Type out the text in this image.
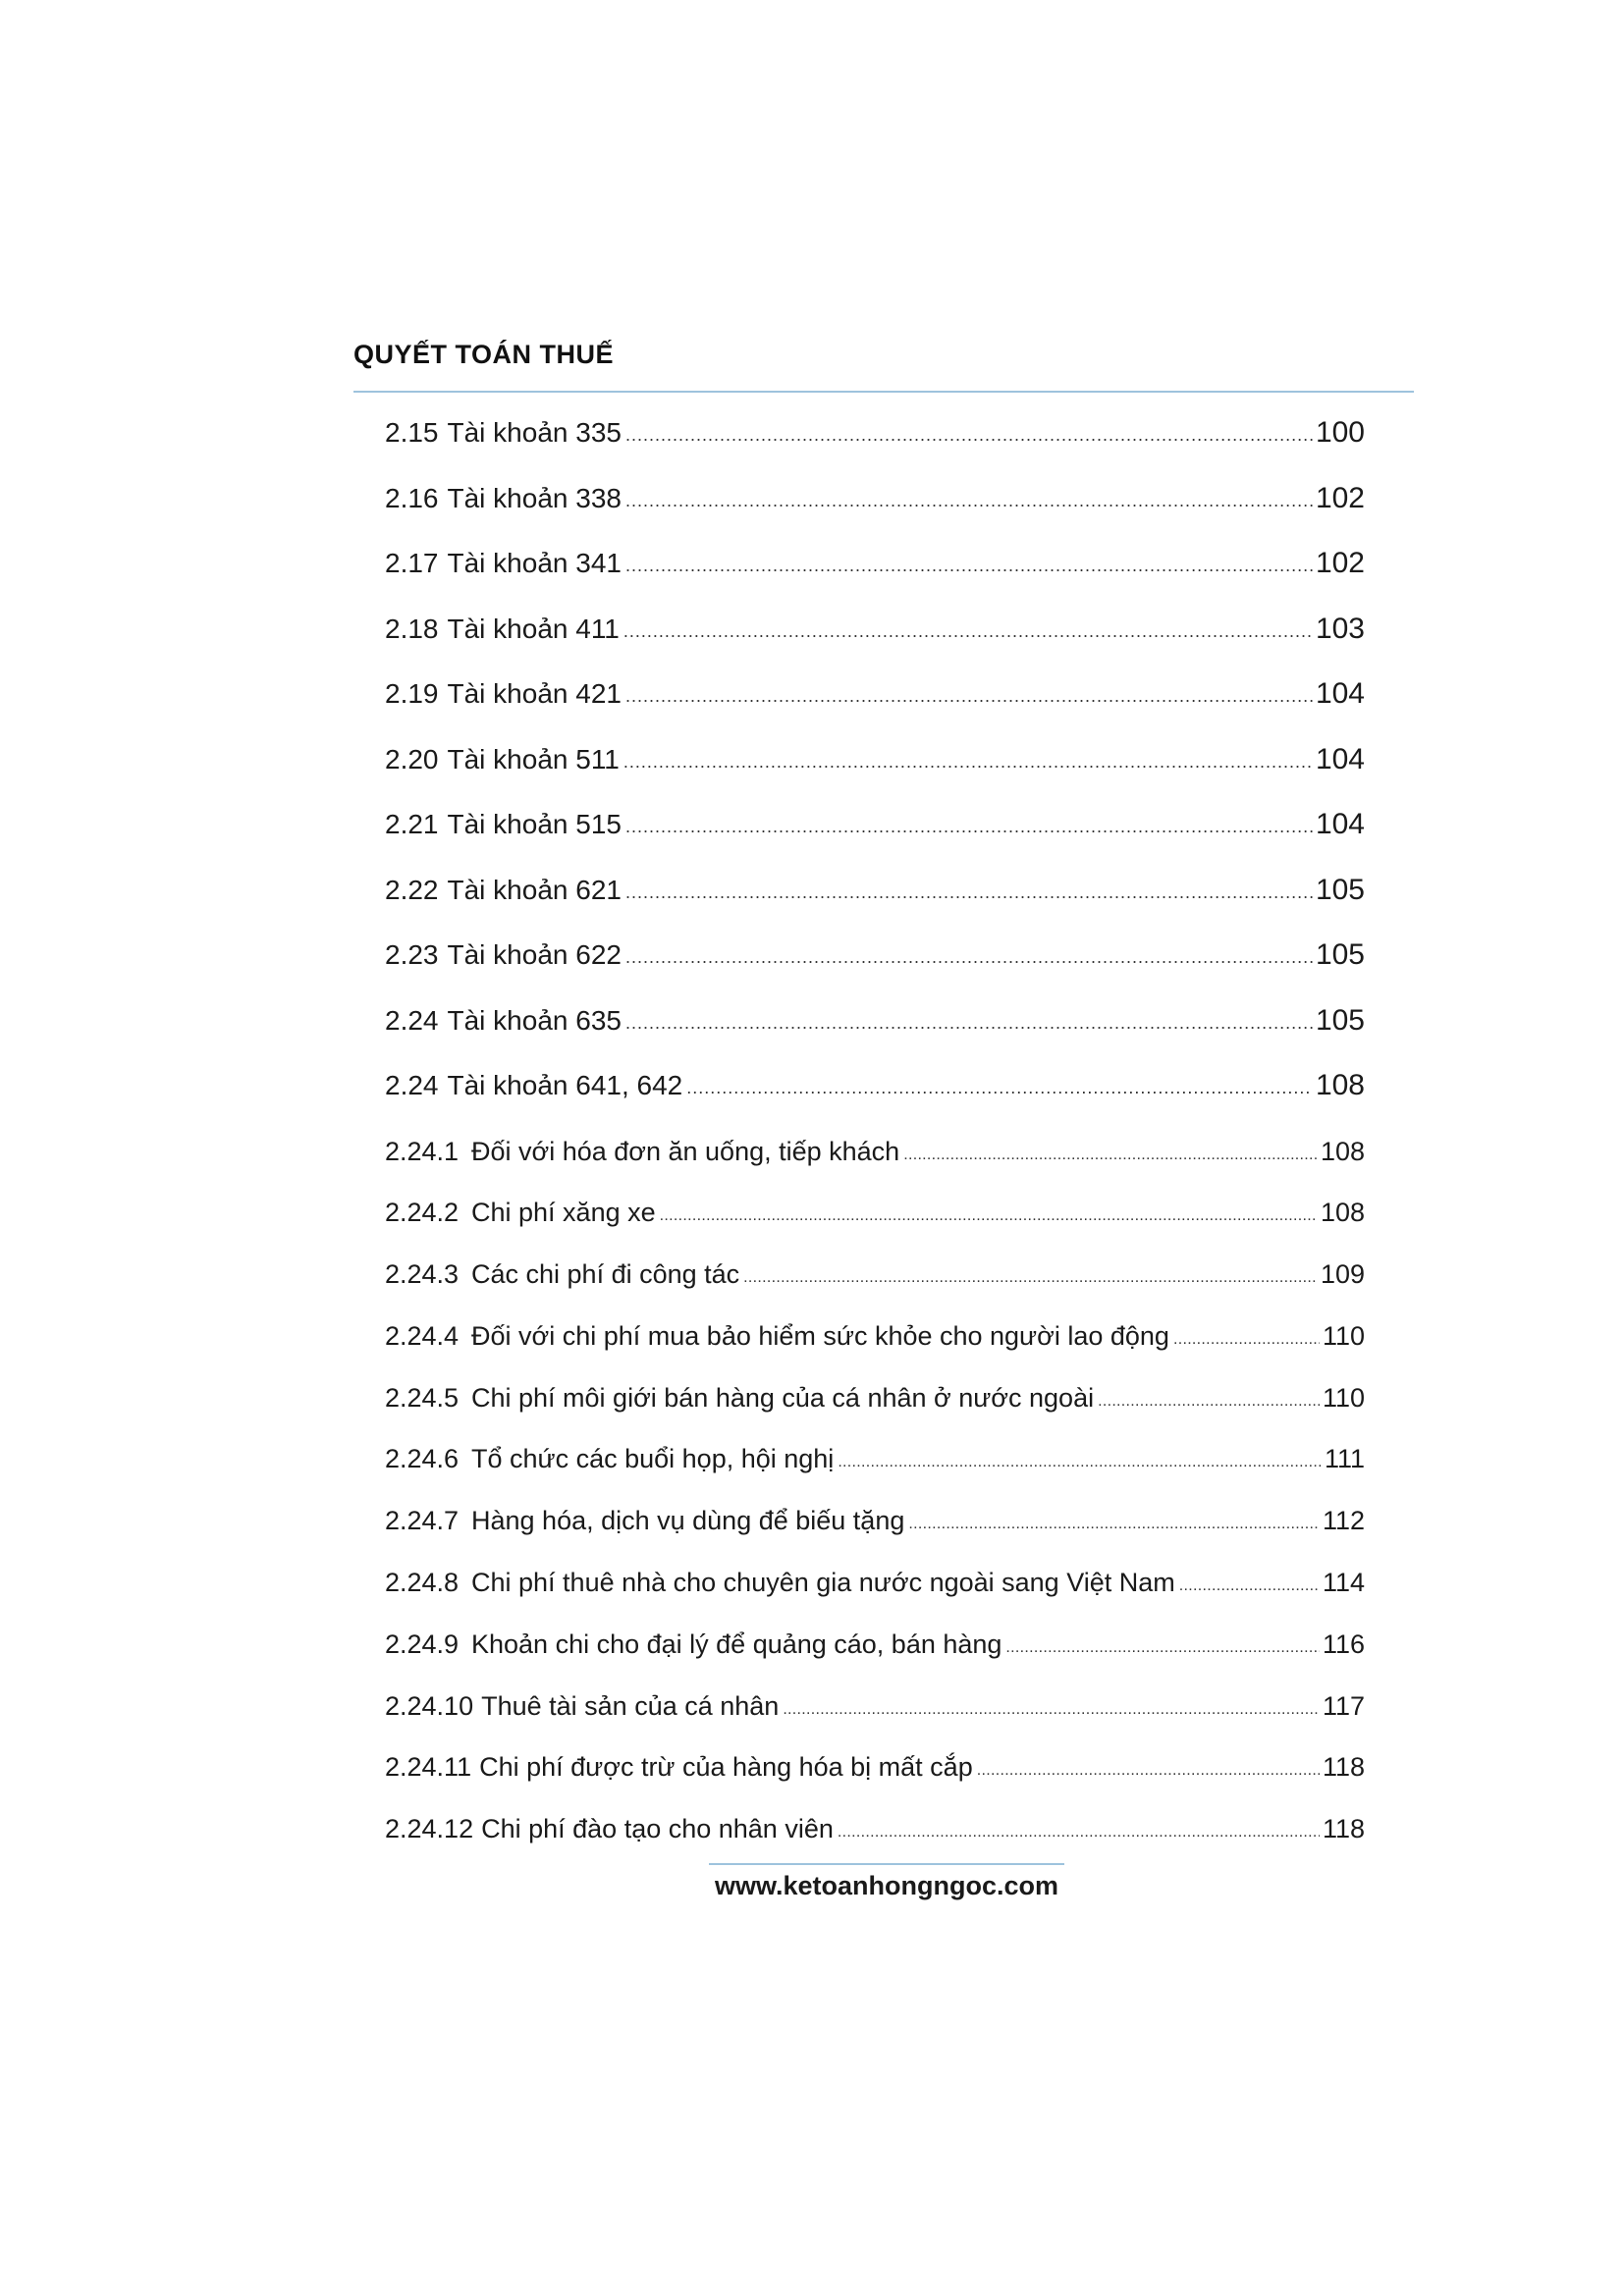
QUYẾT TOÁN THUẾ
2.15 Tài khoản 335 .....	100
2.16 Tài khoản 338 .....	102
2.17 Tài khoản 341 .....	102
2.18 Tài khoản 411 .....	103
2.19 Tài khoản 421 .....	104
2.20 Tài khoản 511 .....	104
2.21 Tài khoản 515 .....	104
2.22 Tài khoản 621 .....	105
2.23 Tài khoản 622 .....	105
2.24 Tài khoản 635 .....	105
2.24 Tài khoản 641, 642 .....	108
2.24.1 Đối với hóa đơn ăn uống, tiếp khách .....	108
2.24.2 Chi phí xăng xe .....	108
2.24.3 Các chi phí đi công tác .....	109
2.24.4 Đối với chi phí mua bảo hiểm sức khỏe cho người lao động .....	110
2.24.5 Chi phí môi giới bán hàng của cá nhân ở nước ngoài .....	110
2.24.6 Tổ chức các buổi họp, hội nghị .....	111
2.24.7 Hàng hóa, dịch vụ dùng để biếu tặng .....	112
2.24.8 Chi phí thuê nhà cho chuyên gia nước ngoài sang Việt Nam .....	114
2.24.9 Khoản chi cho đại lý để quảng cáo, bán hàng .....	116
2.24.10 Thuê tài sản của cá nhân .....	117
2.24.11 Chi phí được trừ của hàng hóa bị mất cắp .....	118
2.24.12 Chi phí đào tạo cho nhân viên .....	118
www.ketoanhongngoc.com
